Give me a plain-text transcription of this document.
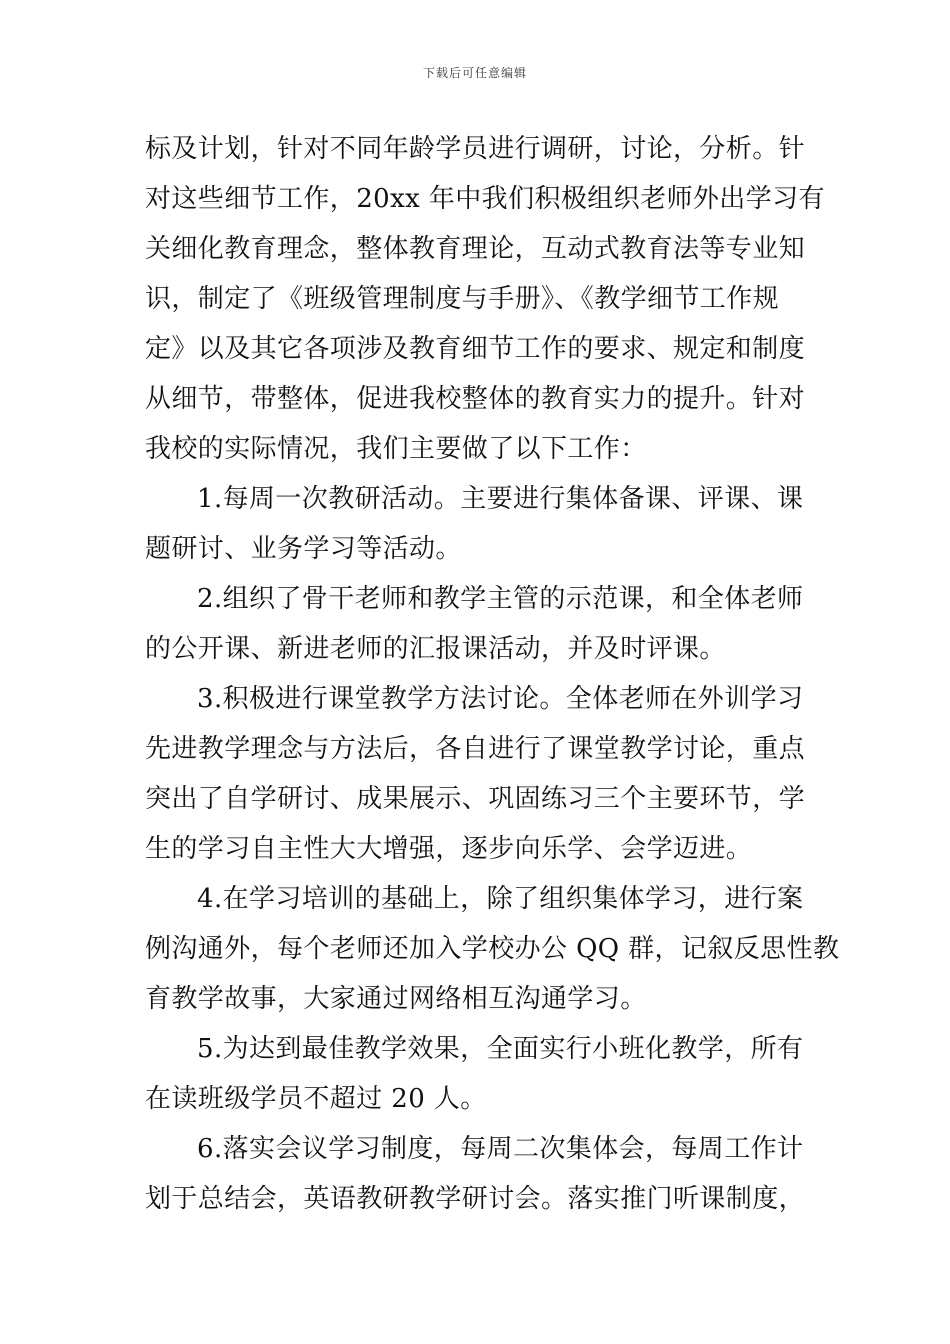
下载后可任意编辑

标及计划，针对不同年龄学员进行调研，讨论，分析。针
对这些细节工作，20xx 年中我们积极组织老师外出学习有
关细化教育理念，整体教育理论，互动式教育法等专业知
识，制定了《班级管理制度与手册》、《教学细节工作规
定》以及其它各项涉及教育细节工作的要求、规定和制度
从细节，带整体，促进我校整体的教育实力的提升。针对
我校的实际情况，我们主要做了以下工作：

1.每周一次教研活动。主要进行集体备课、评课、课
题研讨、业务学习等活动。

2.组织了骨干老师和教学主管的示范课，和全体老师
的公开课、新进老师的汇报课活动，并及时评课。

3.积极进行课堂教学方法讨论。全体老师在外训学习
先进教学理念与方法后，各自进行了课堂教学讨论，重点
突出了自学研讨、成果展示、巩固练习三个主要环节，学
生的学习自主性大大增强，逐步向乐学、会学迈进。

4.在学习培训的基础上，除了组织集体学习，进行案
例沟通外，每个老师还加入学校办公 QQ 群，记叙反思性教
育教学故事，大家通过网络相互沟通学习。

5.为达到最佳教学效果，全面实行小班化教学，所有
在读班级学员不超过 20 人。

6.落实会议学习制度，每周二次集体会，每周工作计
划于总结会，英语教研教学研讨会。落实推门听课制度，
